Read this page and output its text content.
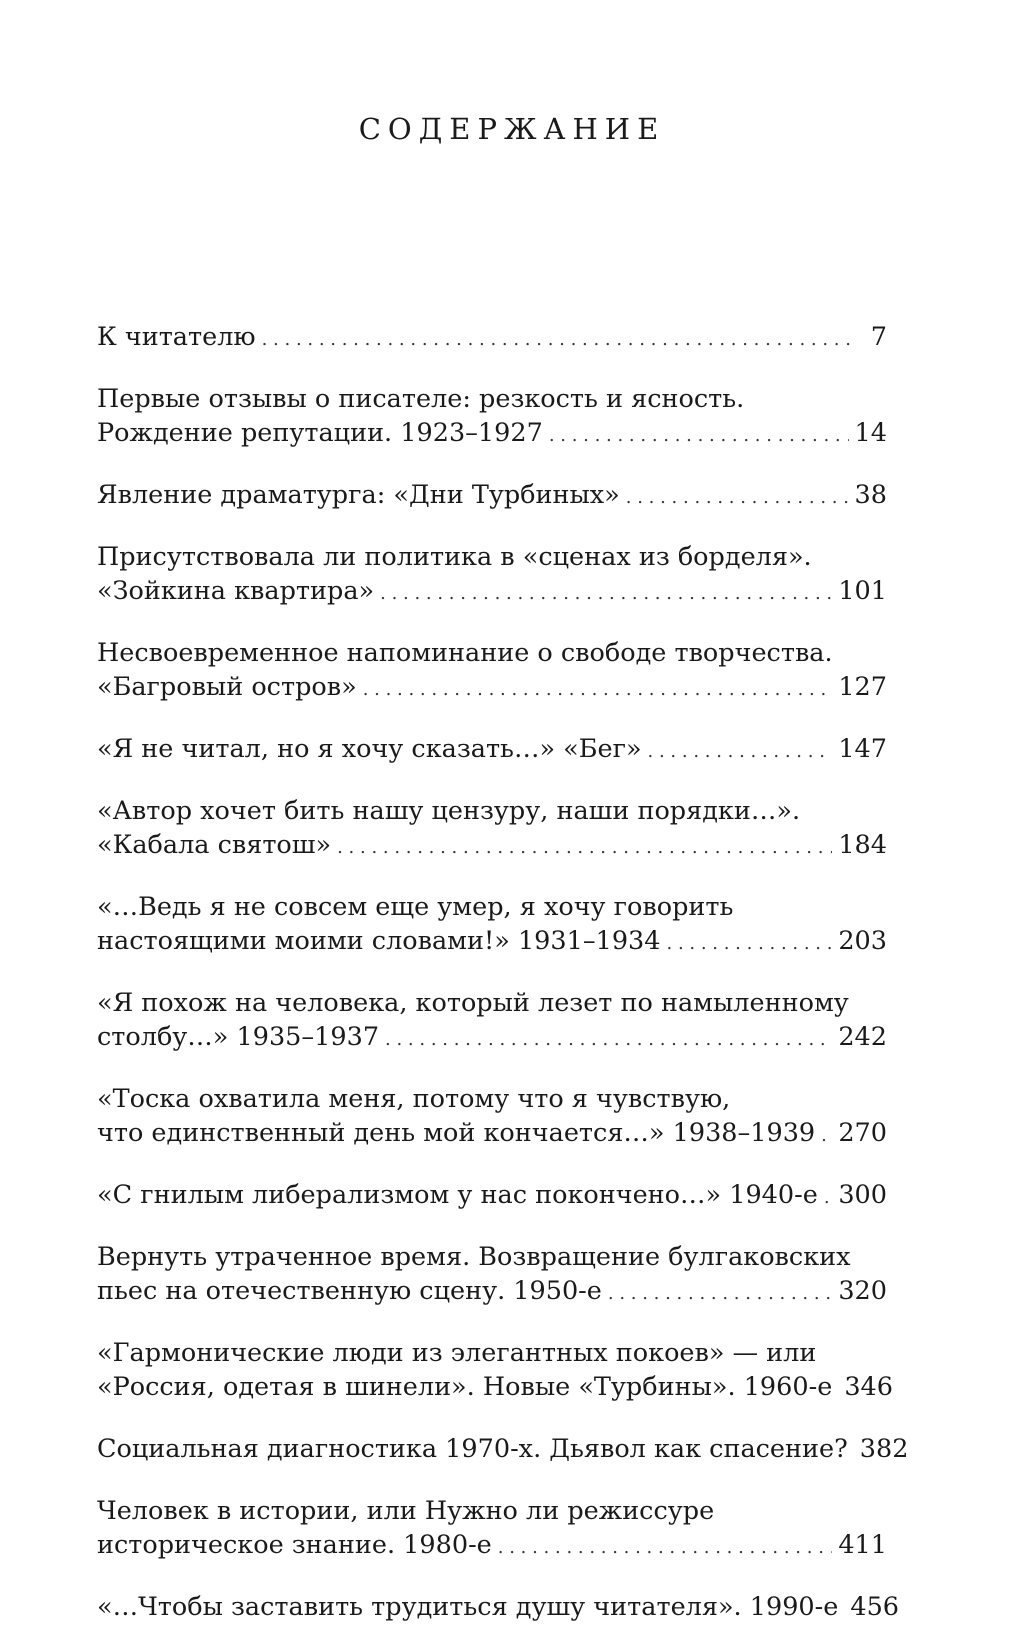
СОДЕРЖАНИЕ
К читателю . . .	7
Первые отзывы о писателе: резкость и ясность.
Рождение репутации. 1923–1927 . . .	14
Явление драматурга: «Дни Турбиных» . . .	38
Присутствовала ли политика в «сценах из борделя».
«Зойкина квартира» . . .	101
Несвоевременное напоминание о свободе творчества.
«Багровый остров» . . .	127
«Я не читал, но я хочу сказать…» «Бег» . . .	147
«Автор хочет бить нашу цензуру, наши порядки…».
«Кабала святош» . . .	184
«…Ведь я не совсем еще умер, я хочу говорить
настоящими моими словами!» 1931–1934 . . .	203
«Я похож на человека, который лезет по намыленному
столбу…» 1935–1937 . . .	242
«Тоска охватила меня, потому что я чувствую,
что единственный день мой кончается…» 1938–1939 . . . 270
«С гнилым либерализмом у нас покончено…» 1940-е . . . 300
Вернуть утраченное время. Возвращение булгаковских
пьес на отечественную сцену. 1950-е . . .	320
«Гармонические люди из элегантных покоев» — или
«Россия, одетая в шинели». Новые «Турбины». 1960-е 346
Социальная диагностика 1970-х. Дьявол как спасение? 382
Человек в истории, или Нужно ли режиссуре
историческое знание. 1980-е . . .	411
«…Чтобы заставить трудиться душу читателя». 1990-е 456
